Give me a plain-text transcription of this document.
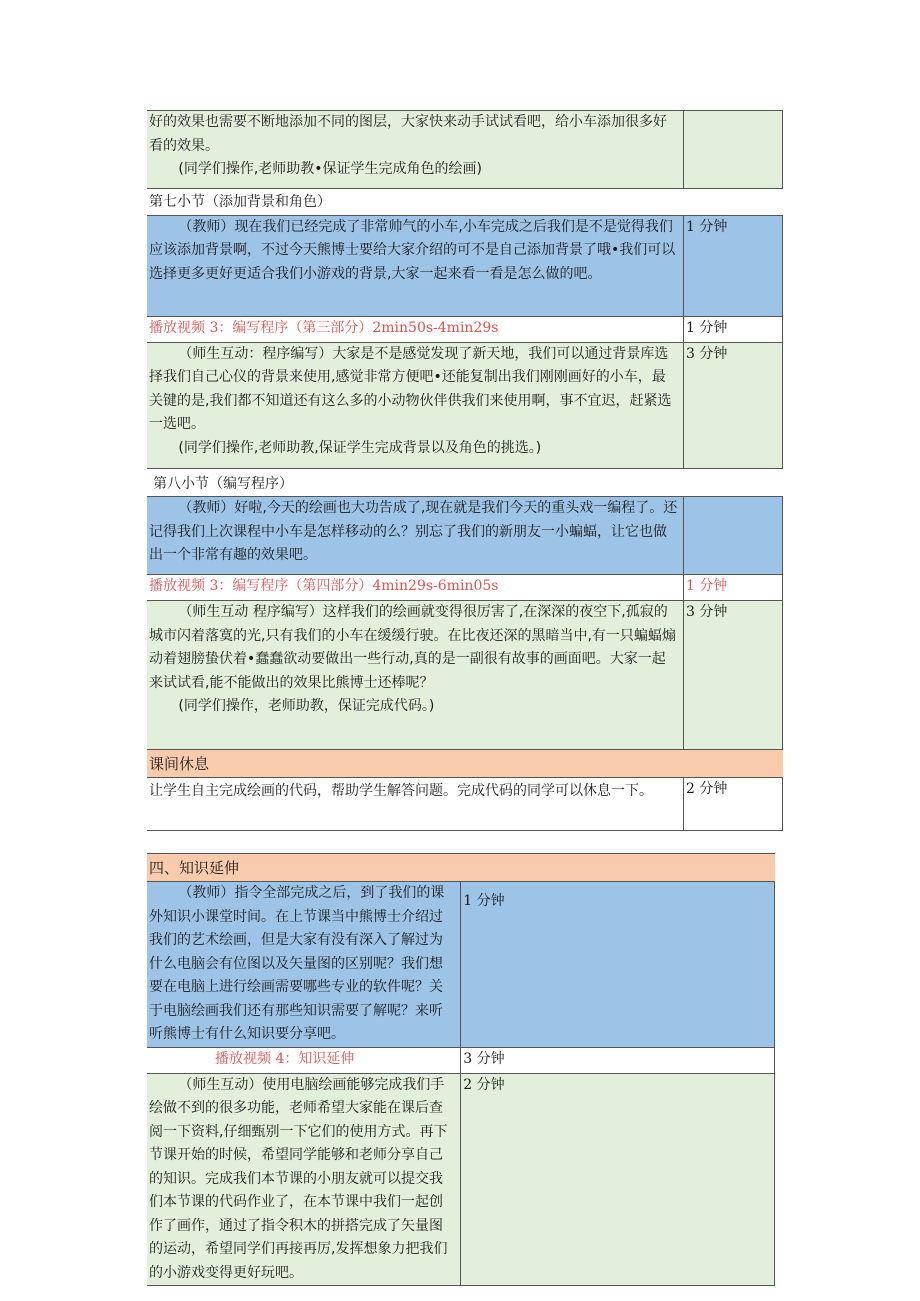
好的效果也需要不断地添加不同的图层，大家快来动手试试看吧，给小车添加很多好看的效果。

(同学们操作,老师助教•保证学生完成角色的绘画)	

第七小节（添加背景和角色）	

（教师）现在我们已经完成了非常帅气的小车,小车完成之后我们是不是觉得我们应该添加背景啊，不过今天熊博士要给大家介绍的可不是自己添加背景了哦•我们可以选择更多更好更适合我们小游戏的背景,大家一起来看一看是怎么做的吧。	1 分钟
播放视频 3：编写程序（第三部分）2min50s-4min29s	1 分钟

（师生互动：程序编写）大家是不是感觉发现了新天地，我们可以通过背景库选择我们自己心仪的背景来使用,感觉非常方便吧•还能复制出我们刚刚画好的小车，最关键的是,我们都不知道还有这么多的小动物伙伴供我们来使用啊，事不宜迟，赶紧选一选吧。

(同学们操作,老师助教,保证学生完成背景以及角色的挑选。)	3 分钟
第八小节（编写程序）	

（教师）好啦,今天的绘画也大功告成了,现在就是我们今天的重头戏一编程了。还记得我们上次课程中小车是怎样移动的么？别忘了我们的新朋友一小蝙蝠，让它也做出一个非常有趣的效果吧。	

播放视频 3：编写程序（第四部分）4min29s-6min05s	1 分钟

（师生互动 程序编写）这样我们的绘画就变得很厉害了,在深深的夜空下,孤寂的城市闪着落寞的光,只有我们的小车在缓缓行驶。在比夜还深的黑暗当中,有一只蝙蝠煽动着翅膀蛰伏着•蠢蠢欲动要做出一些行动,真的是一副很有故事的画面吧。大家一起来试试看,能不能做出的效果比熊博士还棒呢？

(同学们操作，老师助教，保证完成代码。)	3 分钟
课间休息	
让学生自主完成绘画的代码，帮助学生解答问题。完成代码的同学可以休息一下。	2 分钟
四、知识延伸	

（教师）指令全部完成之后，到了我们的课外知识小课堂时间。在上节课当中熊博士介绍过我们的艺术绘画，但是大家有没有深入了解过为什么电脑会有位图以及矢量图的区别呢？我们想要在电脑上进行绘画需要哪些专业的软件呢？关于电脑绘画我们还有那些知识需要了解呢？来听听熊博士有什么知识要分享吧。	1 分钟
播放视频 4：知识延伸	3 分钟

（师生互动）使用电脑绘画能够完成我们手绘做不到的很多功能，老师希望大家能在课后查阅一下资料,仔细甄别一下它们的使用方式。再下节课开始的时候，希望同学能够和老师分享自己的知识。完成我们本节课的小朋友就可以提交我们本节课的代码作业了，在本节课中我们一起创作了画作，通过了指令积木的拼搭完成了矢量图的运动，希望同学们再接再厉,发挥想象力把我们的小游戏变得更好玩吧。	2 分钟
